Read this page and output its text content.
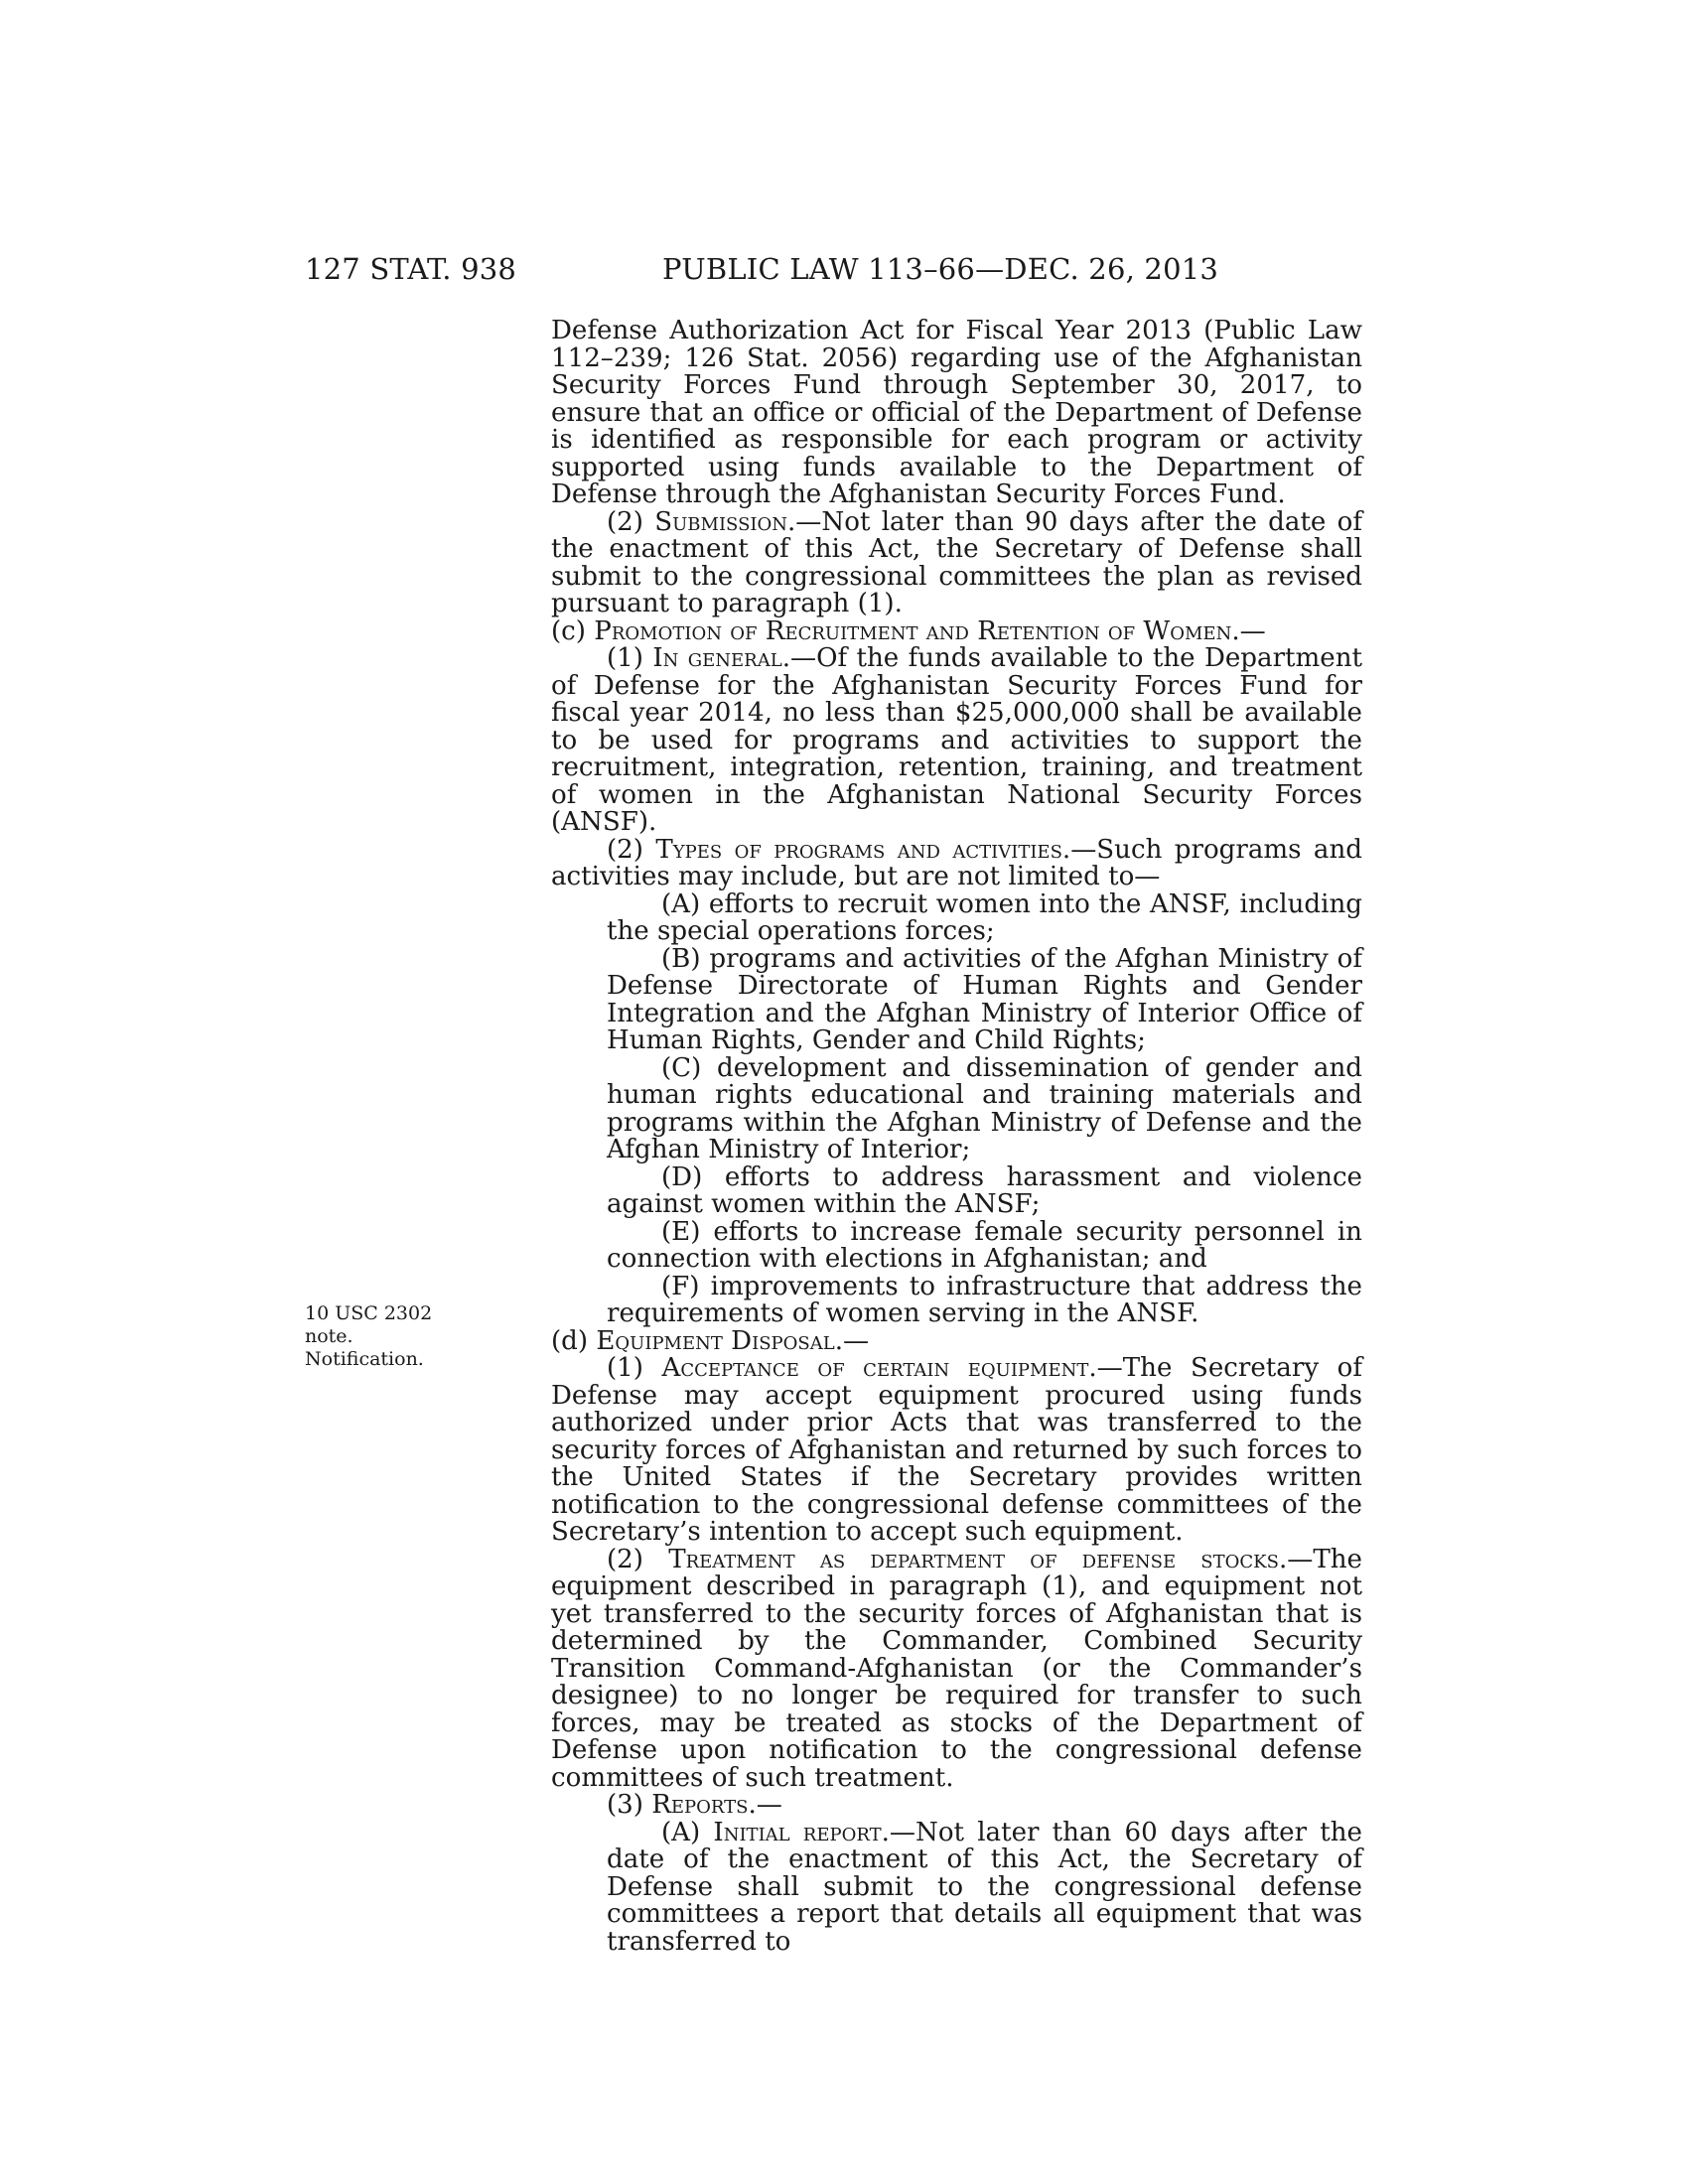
127 STAT. 938	PUBLIC LAW 113–66—DEC. 26, 2013
10 USC 2302
note.
Notification.

Defense Authorization Act for Fiscal Year 2013 (Public Law 112–239; 126 Stat. 2056) regarding use of the Afghanistan Security Forces Fund through September 30, 2017, to ensure that an office or official of the Department of Defense is identified as responsible for each program or activity supported using funds available to the Department of Defense through the Afghanistan Security Forces Fund.

(2) Submission.—Not later than 90 days after the date of the enactment of this Act, the Secretary of Defense shall submit to the congressional committees the plan as revised pursuant to paragraph (1).

(c) Promotion of Recruitment and Retention of Women.—

(1) In general.—Of the funds available to the Department of Defense for the Afghanistan Security Forces Fund for fiscal year 2014, no less than $25,000,000 shall be available to be used for programs and activities to support the recruitment, integration, retention, training, and treatment of women in the Afghanistan National Security Forces (ANSF).

(2) Types of programs and activities.—Such programs and activities may include, but are not limited to—

(A) efforts to recruit women into the ANSF, including the special operations forces;

(B) programs and activities of the Afghan Ministry of Defense Directorate of Human Rights and Gender Integration and the Afghan Ministry of Interior Office of Human Rights, Gender and Child Rights;

(C) development and dissemination of gender and human rights educational and training materials and programs within the Afghan Ministry of Defense and the Afghan Ministry of Interior;

(D) efforts to address harassment and violence against women within the ANSF;

(E) efforts to increase female security personnel in connection with elections in Afghanistan; and

(F) improvements to infrastructure that address the requirements of women serving in the ANSF.

(d) Equipment Disposal.—

(1) Acceptance of certain equipment.—The Secretary of Defense may accept equipment procured using funds authorized under prior Acts that was transferred to the security forces of Afghanistan and returned by such forces to the United States if the Secretary provides written notification to the congressional defense committees of the Secretary’s intention to accept such equipment.

(2) Treatment as department of defense stocks.—The equipment described in paragraph (1), and equipment not yet transferred to the security forces of Afghanistan that is determined by the Commander, Combined Security Transition Command-Afghanistan (or the Commander’s designee) to no longer be required for transfer to such forces, may be treated as stocks of the Department of Defense upon notification to the congressional defense committees of such treatment.

(3) Reports.—

(A) Initial report.—Not later than 60 days after the date of the enactment of this Act, the Secretary of Defense shall submit to the congressional defense committees a report that details all equipment that was transferred to
